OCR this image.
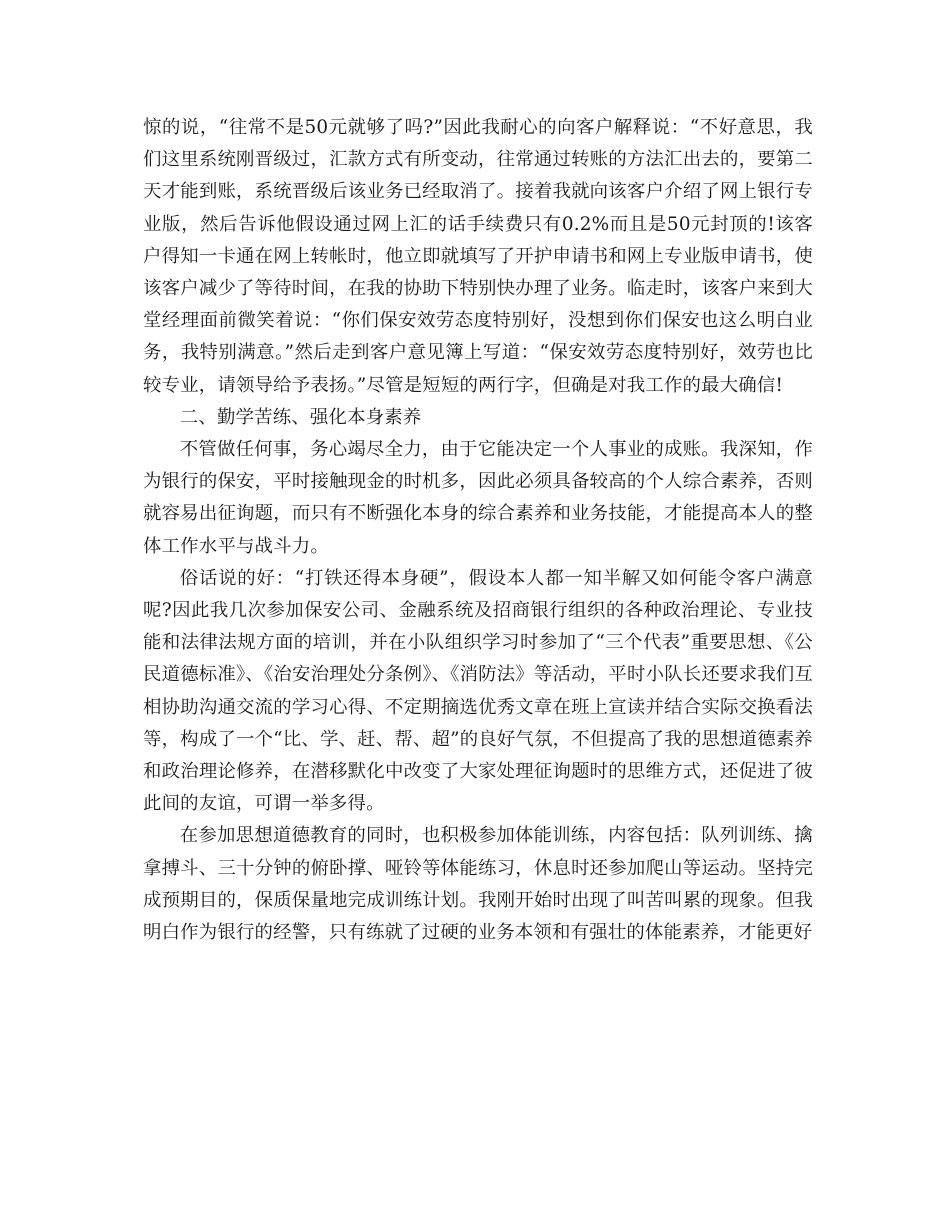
惊的说，“往常不是50元就够了吗?”因此我耐心的向客户解释说：“不好意思，我们这里系统刚晋级过，汇款方式有所变动，往常通过转账的方法汇出去的，要第二天才能到账，系统晋级后该业务已经取消了。接着我就向该客户介绍了网上银行专业版，然后告诉他假设通过网上汇的话手续费只有0.2%而且是50元封顶的!该客户得知一卡通在网上转帐时，他立即就填写了开护申请书和网上专业版申请书，使该客户减少了等待时间，在我的协助下特别快办理了业务。临走时，该客户来到大堂经理面前微笑着说：“你们保安效劳态度特别好，没想到你们保安也这么明白业务，我特别满意。”然后走到客户意见簿上写道：“保安效劳态度特别好，效劳也比较专业，请领导给予表扬。”尽管是短短的两行字，但确是对我工作的最大确信!

二、勤学苦练、强化本身素养

不管做任何事，务心竭尽全力，由于它能决定一个人事业的成账。我深知，作为银行的保安，平时接触现金的时机多，因此必须具备较高的个人综合素养，否则就容易出征询题，而只有不断强化本身的综合素养和业务技能，才能提高本人的整体工作水平与战斗力。

俗话说的好：“打铁还得本身硬”，假设本人都一知半解又如何能令客户满意呢?因此我几次参加保安公司、金融系统及招商银行组织的各种政治理论、专业技能和法律法规方面的培训，并在小队组织学习时参加了“三个代表”重要思想、《公民道德标准》、《治安治理处分条例》、《消防法》等活动，平时小队长还要求我们互相协助沟通交流的学习心得、不定期摘选优秀文章在班上宣读并结合实际交换看法等，构成了一个“比、学、赶、帮、超”的良好气氛，不但提高了我的思想道德素养和政治理论修养，在潜移默化中改变了大家处理征询题时的思维方式，还促进了彼此间的友谊，可谓一举多得。

在参加思想道德教育的同时，也积极参加体能训练，内容包括：队列训练、擒拿搏斗、三十分钟的俯卧撑、哑铃等体能练习，休息时还参加爬山等运动。坚持完成预期目的，保质保量地完成训练计划。我刚开始时出现了叫苦叫累的现象。但我明白作为银行的经警，只有练就了过硬的业务本领和有强壮的体能素养，才能更好
